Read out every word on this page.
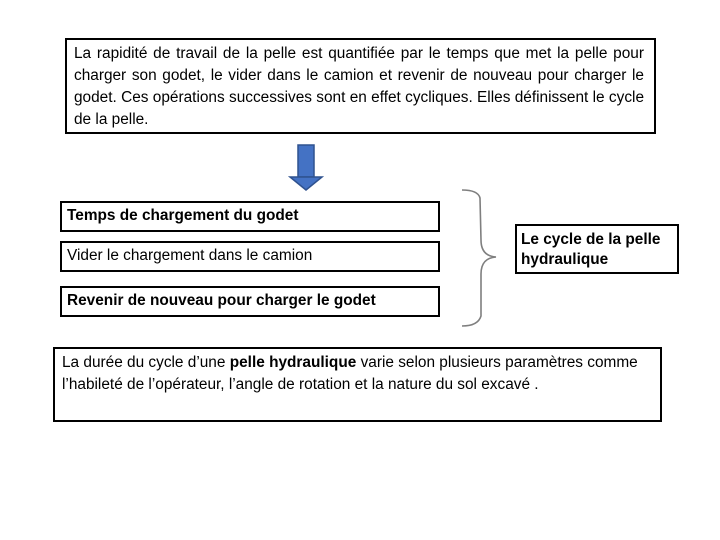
La rapidité de travail de la pelle est quantifiée par le temps que met la pelle pour charger son godet, le vider dans le camion et revenir de nouveau pour charger le godet. Ces opérations successives sont en effet cycliques. Elles définissent le cycle de la pelle.

Temps de chargement du godet
Vider le chargement dans le camion
Revenir de nouveau pour charger le godet
Le cycle de la pelle hydraulique

La durée du cycle d’une pelle hydraulique varie selon plusieurs paramètres comme l’habileté de l’opérateur, l’angle de rotation et la nature du sol excavé .
